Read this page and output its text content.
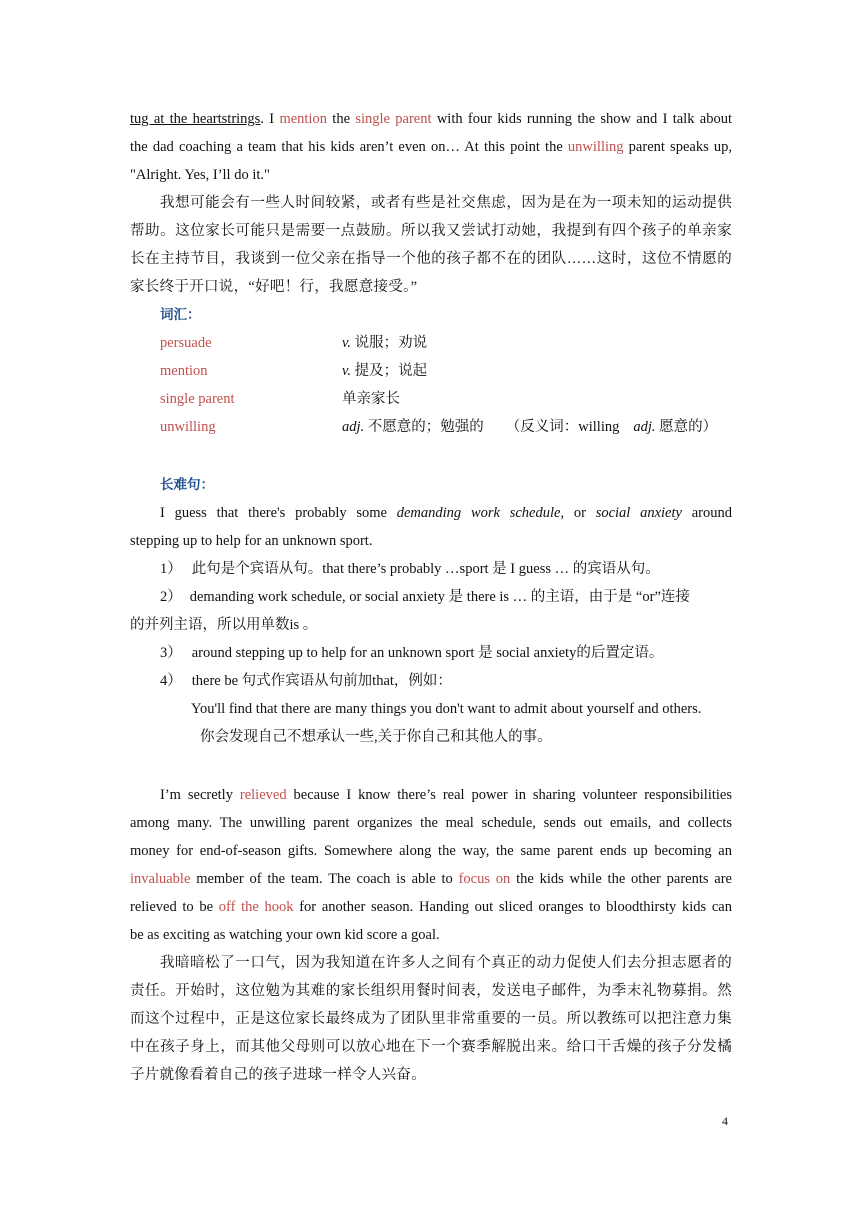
tug at the heartstrings. I mention the single parent with four kids running the show and I talk about
the dad coaching a team that his kids aren’t even on… At this point the unwilling parent speaks up,
"Alright. Yes, I’ll do it."
我想可能会有一些人时间较紧，或者有些是社交焦虑，因为是在为一项未知的运动提供
帮助。这位家长可能只是需要一点鼓励。所以我又尝试打动她，我提到有四个孩子的单亲家
长在主持节目，我谈到一位父亲在指导一个他的孩子都不在的团队……这时，这位不情愿的
家长终于开口说，“好吧！行，我愿意接受。”
词汇：
persuade	v. 说服；劝说
mention	v. 提及；说起
single parent	单亲家长
unwilling	adj. 不愿意的；勉强的 （反义词：willing adj. 愿意的）
长难句：
I guess that there's probably some demanding work schedule, or social anxiety around
stepping up to help for an unknown sport.
1） 此句是个宾语从句。that there’s probably …sport 是 I guess … 的宾语从句。
2） demanding work schedule, or social anxiety 是 there is … 的主语，由于是 “or”连接
的并列主语，所以用单数is 。
3） around stepping up to help for an unknown sport 是 social anxiety的后置定语。
4） there be 句式作宾语从句前加that，例如：
You'll find that there are many things you don't want to admit about yourself and others.
你会发现自己不想承认一些,关于你自己和其他人的事。
I’m secretly relieved because I know there’s real power in sharing volunteer responsibilities
among many. The unwilling parent organizes the meal schedule, sends out emails, and collects
money for end-of-season gifts. Somewhere along the way, the same parent ends up becoming an
invaluable member of the team. The coach is able to focus on the kids while the other parents are
relieved to be off the hook for another season. Handing out sliced oranges to bloodthirsty kids can
be as exciting as watching your own kid score a goal.
我暗暗松了一口气，因为我知道在许多人之间有个真正的动力促使人们去分担志愿者的
责任。开始时，这位勉为其难的家长组织用餐时间表，发送电子邮件，为季末礼物募捐。然
而这个过程中，正是这位家长最终成为了团队里非常重要的一员。所以教练可以把注意力集
中在孩子身上，而其他父母则可以放心地在下一个赛季解脱出来。给口干舌燥的孩子分发橘
子片就像看着自己的孩子进球一样令人兴奋。
4
